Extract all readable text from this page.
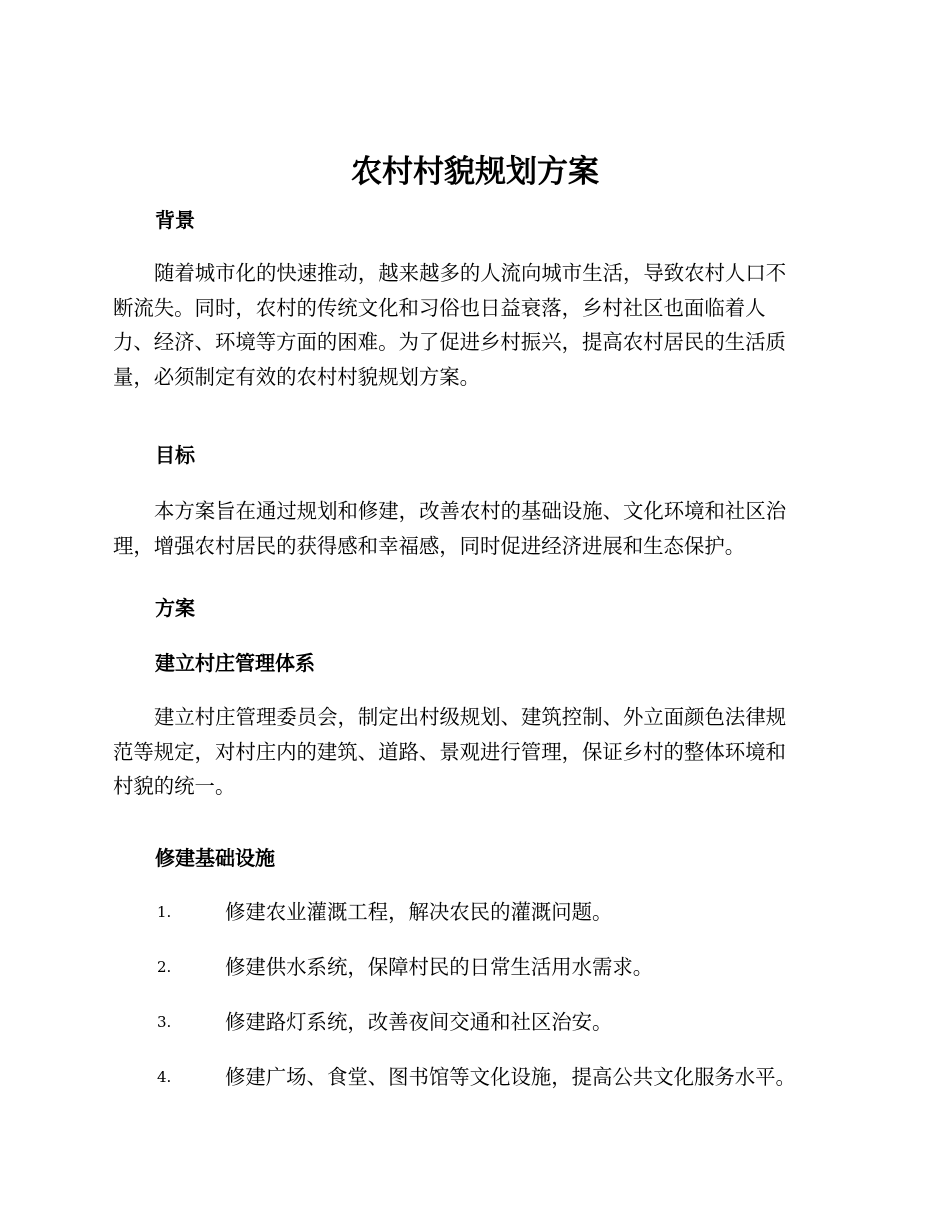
农村村貌规划方案
背景

随着城市化的快速推动，越来越多的人流向城市生活，导致农村人口不
断流失。同时，农村的传统文化和习俗也日益衰落，乡村社区也面临着人
力、经济、环境等方面的困难。为了促进乡村振兴，提高农村居民的生活质
量，必须制定有效的农村村貌规划方案。

目标

本方案旨在通过规划和修建，改善农村的基础设施、文化环境和社区治
理，增强农村居民的获得感和幸福感，同时促进经济进展和生态保护。

方案
建立村庄管理体系

建立村庄管理委员会，制定出村级规划、建筑控制、外立面颜色法律规
范等规定，对村庄内的建筑、道路、景观进行管理，保证乡村的整体环境和
村貌的统一。

修建基础设施
1.	修建农业灌溉工程，解决农民的灌溉问题。
2.	修建供水系统，保障村民的日常生活用水需求。
3.	修建路灯系统，改善夜间交通和社区治安。
4.	修建广场、食堂、图书馆等文化设施，提高公共文化服务水平。
